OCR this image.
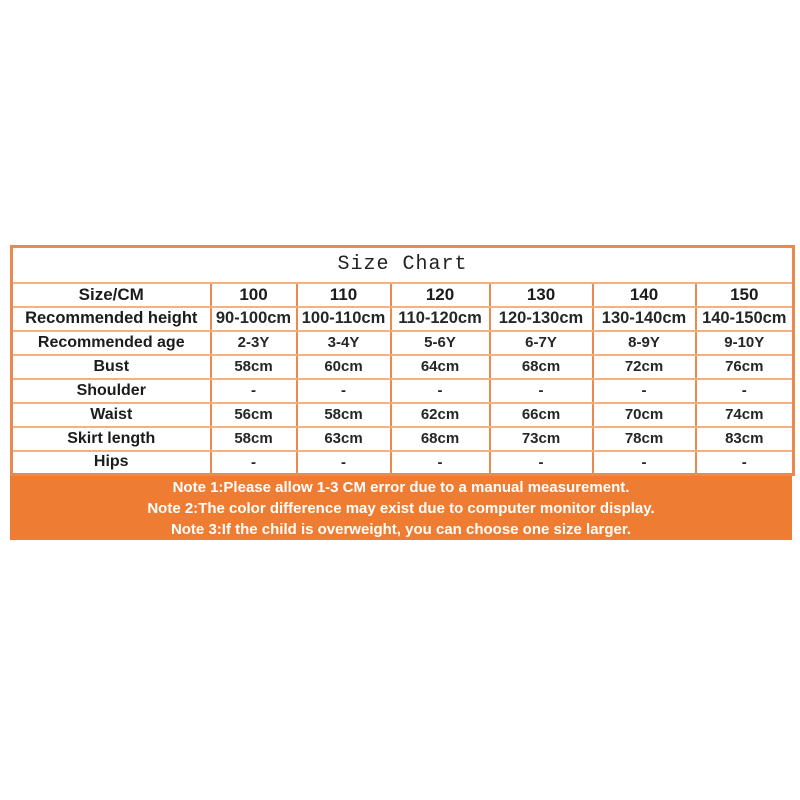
Size Chart						
Size/CM	100	110	120	130	140	150
Recommended height	90-100cm	100-110cm	110-120cm	120-130cm	130-140cm	140-150cm
Recommended age	2-3Y	3-4Y	5-6Y	6-7Y	8-9Y	9-10Y
Bust	58cm	60cm	64cm	68cm	72cm	76cm
Shoulder	-	-	-	-	-	-
Waist	56cm	58cm	62cm	66cm	70cm	74cm
Skirt length	58cm	63cm	68cm	73cm	78cm	83cm
Hips	-	-	-	-	-	-
Note 1:Please allow 1-3 CM error due to a manual measurement.
Note 2:The color difference may exist due to computer monitor display.
Note 3:If the child is overweight, you can choose one size larger.
